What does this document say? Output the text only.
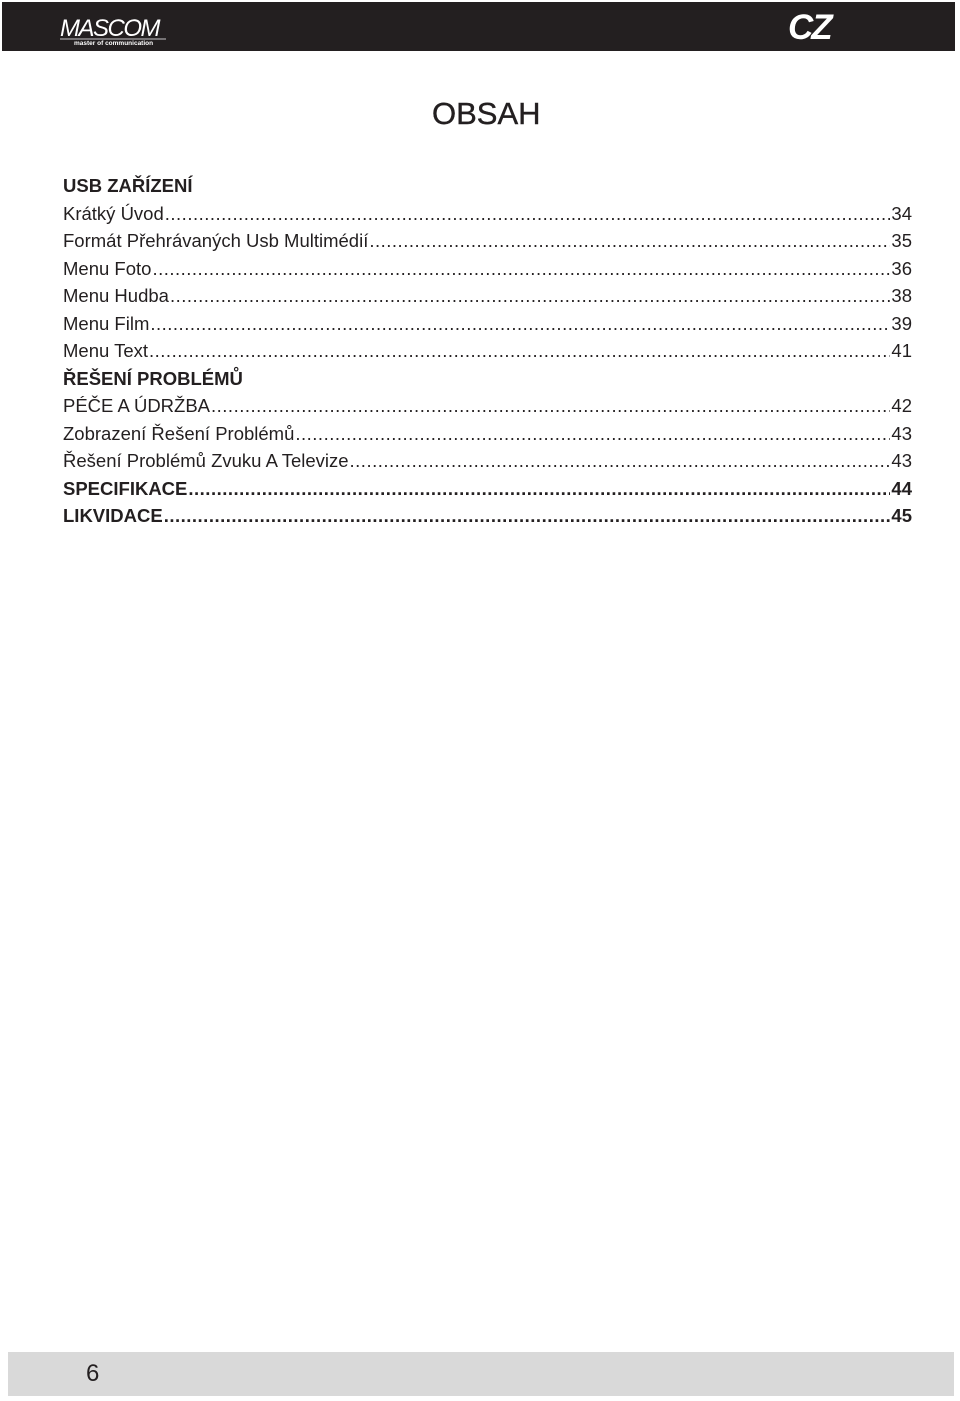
MASCOM
master of communication	CZ
OBSAH
USB ZAŘÍZENÍ
Krátký Úvod .....	34
Formát Přehrávaných Usb Multimédií .....	35
Menu Foto .....	36
Menu Hudba .....	38
Menu Film .....	39
Menu Text .....	41
ŘEŠENÍ PROBLÉMŮ
PÉČE A ÚDRŽBA .....	42
Zobrazení Řešení Problémů .....	43
Řešení Problémů Zvuku A Televize .....	43
SPECIFIKACE .....	44
LIKVIDACE .....	45
6
